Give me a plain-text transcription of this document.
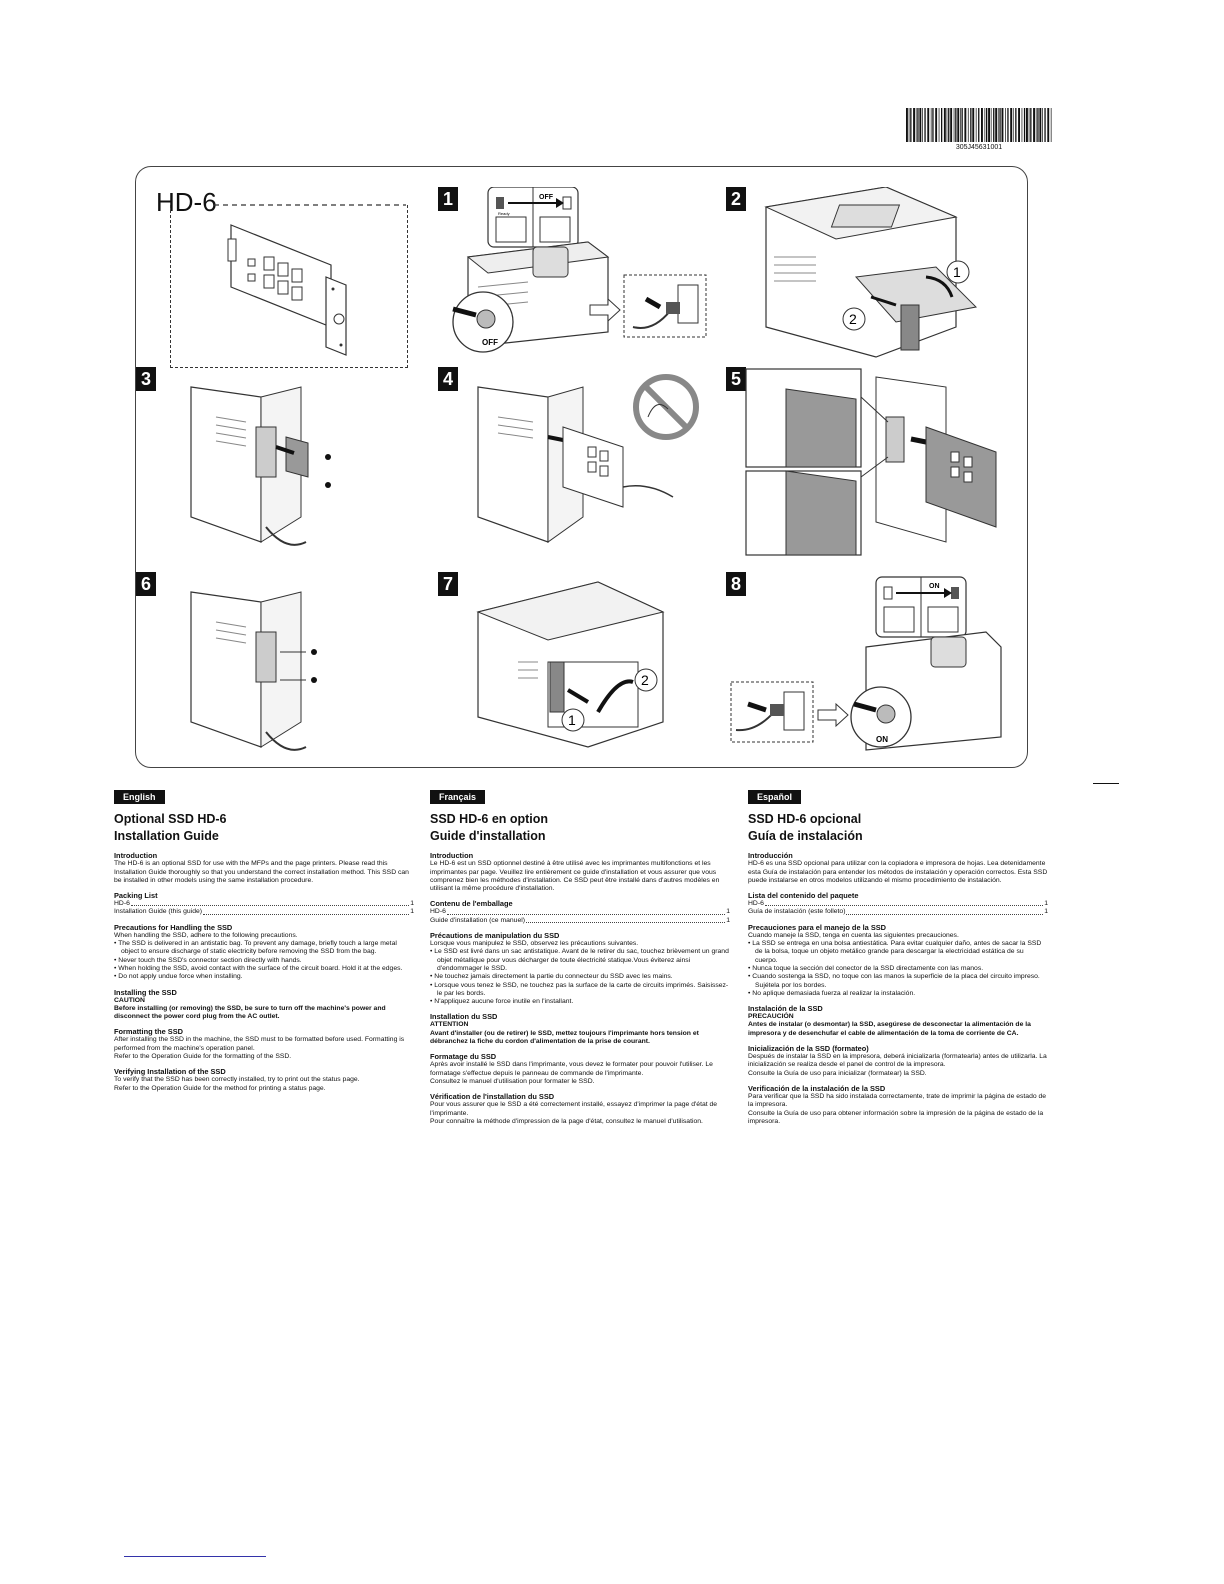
305J45631001
HD-6	1	OFF
Ready
OFF
2
1
2
3	4	5
6	7
1
2
8	ON
ON
English
Optional SSD HD-6
Installation Guide
Introduction

The HD-6 is an optional SSD for use with the MFPs and the page printers. Please read this Installation Guide thoroughly so that you understand the correct installation method. This SSD can be installed in other models using the same installation procedure.

Packing List
HD-6	1
Installation Guide (this guide)	1
Precautions for Handling the SSD

When handling the SSD, adhere to the following precautions.

• The SSD is delivered in an antistatic bag. To prevent any damage, briefly touch a large metal object to ensure discharge of static electricity before removing the SSD from the bag.
• Never touch the SSD's connector section directly with hands.
• When holding the SSD, avoid contact with the surface of the circuit board. Hold it at the edges.
• Do not apply undue force when installing.
Installing the SSD

CAUTION

Before installing (or removing) the SSD, be sure to turn off the machine's power and disconnect the power cord plug from the AC outlet.

Formatting the SSD

After installing the SSD in the machine, the SSD must to be formatted before used. Formatting is performed from the machine's operation panel.

Refer to the Operation Guide for the formatting of the SSD.

Verifying Installation of the SSD

To verify that the SSD has been correctly installed, try to print out the status page.

Refer to the Operation Guide for the method for printing a status page.

Français
SSD HD-6 en option
Guide d'installation
Introduction

Le HD-6 est un SSD optionnel destiné à être utilisé avec les imprimantes multifonctions et les imprimantes par page. Veuillez lire entièrement ce guide d'installation et vous assurer que vous comprenez bien les méthodes d'installation. Ce SSD peut être installé dans d'autres modèles en utilisant la même procédure d'installation.

Contenu de l'emballage
HD-6	1
Guide d'installation (ce manuel)	1
Précautions de manipulation du SSD

Lorsque vous manipulez le SSD, observez les précautions suivantes.

• Le SSD est livré dans un sac antistatique. Avant de le retirer du sac, touchez brièvement un grand objet métallique pour vous décharger de toute électricité statique.Vous éviterez ainsi d'endommager le SSD.
• Ne touchez jamais directement la partie du connecteur du SSD avec les mains.
• Lorsque vous tenez le SSD, ne touchez pas la surface de la carte de circuits imprimés. Saisissez-le par les bords.
• N'appliquez aucune force inutile en l'installant.
Installation du SSD

ATTENTION

Avant d'installer (ou de retirer) le SSD, mettez toujours l'imprimante hors tension et débranchez la fiche du cordon d'alimentation de la prise de courant.

Formatage du SSD

Après avoir installé le SSD dans l'imprimante, vous devez le formater pour pouvoir l'utiliser. Le formatage s'effectue depuis le panneau de commande de l'imprimante.

Consultez le manuel d'utilisation pour formater le SSD.

Vérification de l'installation du SSD

Pour vous assurer que le SSD a été correctement installé, essayez d'imprimer la page d'état de l'imprimante.

Pour connaître la méthode d'impression de la page d'état, consultez le manuel d'utilisation.

Español
SSD HD-6 opcional
Guía de instalación
Introducción

HD-6 es una SSD opcional para utilizar con la copiadora e impresora de hojas. Lea detenidamente esta Guía de instalación para entender los métodos de instalación y operación correctos. Esta SSD puede instalarse en otros modelos utilizando el mismo procedimiento de instalación.

Lista del contenido del paquete
HD-6	1
Guía de instalación (este folleto)	1
Precauciones para el manejo de la SSD

Cuando maneje la SSD, tenga en cuenta las siguientes precauciones.

• La SSD se entrega en una bolsa antiestática. Para evitar cualquier daño, antes de sacar la SSD de la bolsa, toque un objeto metálico grande para descargar la electricidad estática de su cuerpo.
• Nunca toque la sección del conector de la SSD directamente con las manos.
• Cuando sostenga la SSD, no toque con las manos la superficie de la placa del circuito impreso. Sujétela por los bordes.
• No aplique demasiada fuerza al realizar la instalación.
Instalación de la SSD

PRECAUCIÓN

Antes de instalar (o desmontar) la SSD, asegúrese de desconectar la alimentación de la impresora y de desenchufar el cable de alimentación de la toma de corriente de CA.

Inicialización de la SSD (formateo)

Después de instalar la SSD en la impresora, deberá inicializarla (formatearla) antes de utilizarla. La inicialización se realiza desde el panel de control de la impresora.

Consulte la Guía de uso para inicializar (formatear) la SSD.

Verificación de la instalación de la SSD

Para verificar que la SSD ha sido instalada correctamente, trate de imprimir la página de estado de la impresora.

Consulte la Guía de uso para obtener información sobre la impresión de la página de estado de la impresora.
